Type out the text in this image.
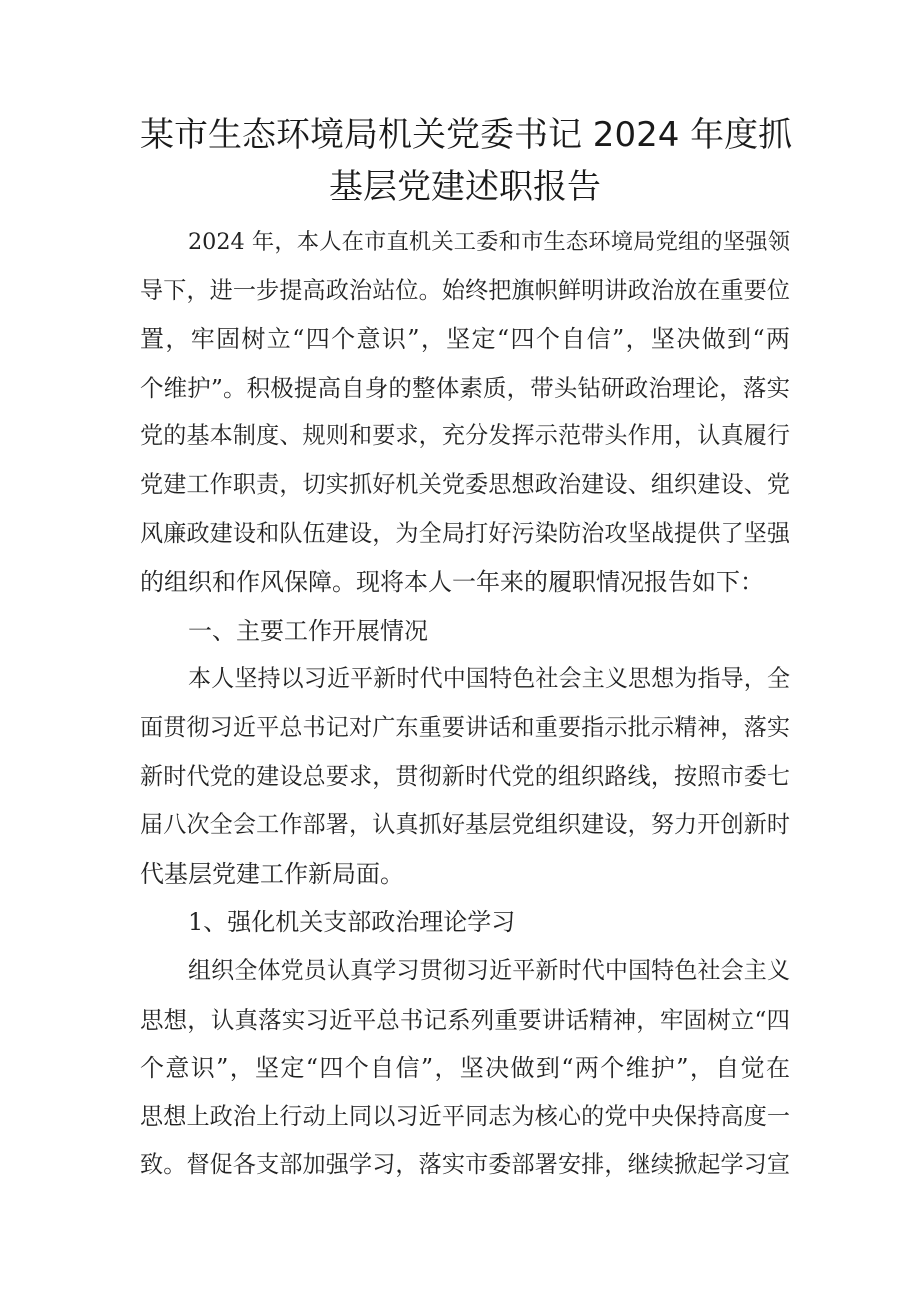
某市生态环境局机关党委书记 2024 年度抓
基层党建述职报告
2024 年，本人在市直机关工委和市生态环境局党组的坚强领
导下，进一步提高政治站位。始终把旗帜鲜明讲政治放在重要位
置，牢固树立“四个意识”，坚定“四个自信”，坚决做到“两
个维护”。积极提高自身的整体素质，带头钻研政治理论，落实
党的基本制度、规则和要求，充分发挥示范带头作用，认真履行
党建工作职责，切实抓好机关党委思想政治建设、组织建设、党
风廉政建设和队伍建设，为全局打好污染防治攻坚战提供了坚强
的组织和作风保障。现将本人一年来的履职情况报告如下：
一、主要工作开展情况
本人坚持以习近平新时代中国特色社会主义思想为指导，全
面贯彻习近平总书记对广东重要讲话和重要指示批示精神，落实
新时代党的建设总要求，贯彻新时代党的组织路线，按照市委七
届八次全会工作部署，认真抓好基层党组织建设，努力开创新时
代基层党建工作新局面。
1、强化机关支部政治理论学习
组织全体党员认真学习贯彻习近平新时代中国特色社会主义
思想，认真落实习近平总书记系列重要讲话精神，牢固树立“四
个意识”，坚定“四个自信”，坚决做到“两个维护”，自觉在
思想上政治上行动上同以习近平同志为核心的党中央保持高度一
致。督促各支部加强学习，落实市委部署安排，继续掀起学习宣
